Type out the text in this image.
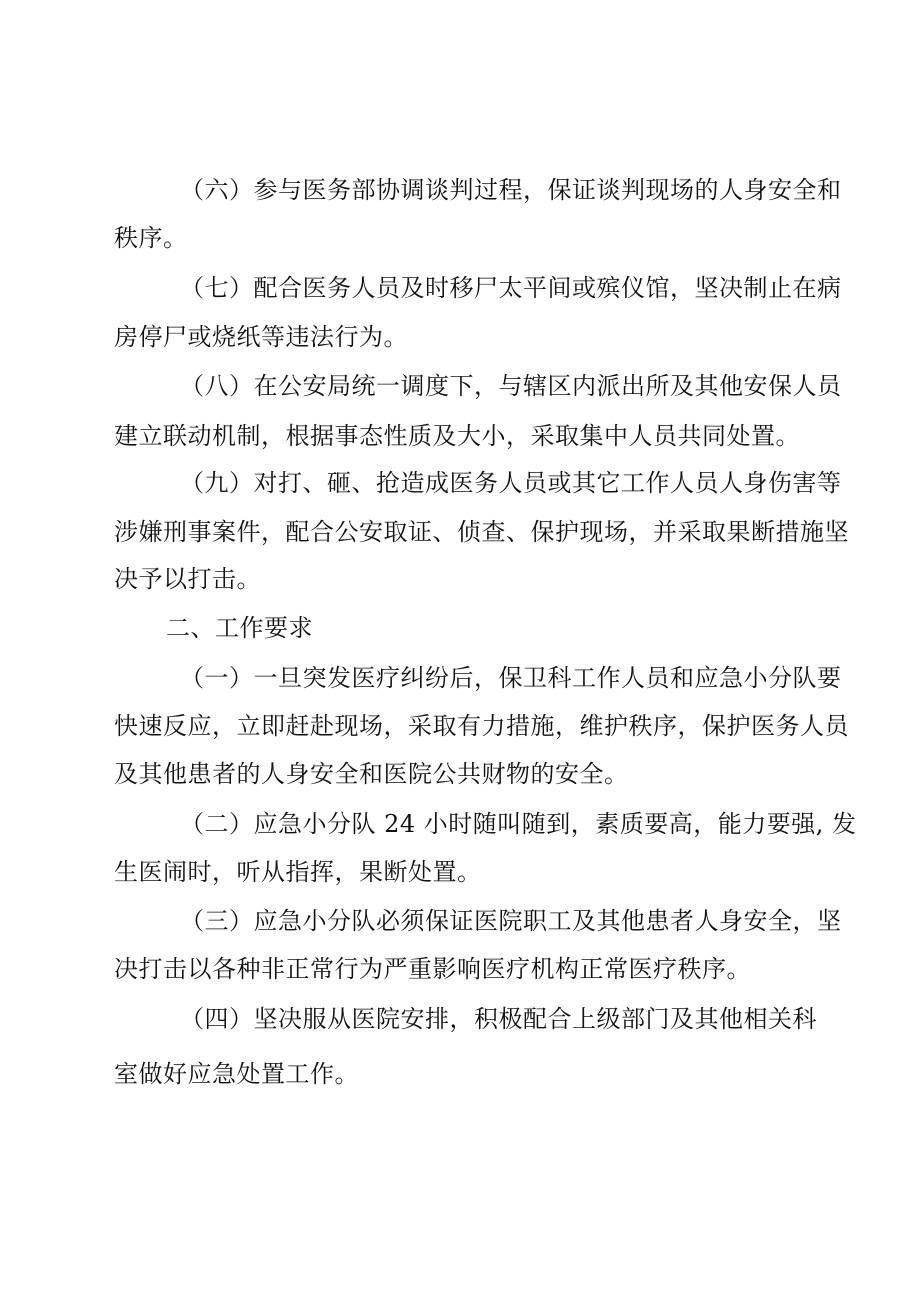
（六）参与医务部协调谈判过程，保证谈判现场的人身安全和
秩序。
（七）配合医务人员及时移尸太平间或殡仪馆，坚决制止在病
房停尸或烧纸等违法行为。
（八）在公安局统一调度下，与辖区内派出所及其他安保人员
建立联动机制，根据事态性质及大小，采取集中人员共同处置。
（九）对打、砸、抢造成医务人员或其它工作人员人身伤害等
涉嫌刑事案件，配合公安取证、侦查、保护现场，并采取果断措施坚
决予以打击。
二、工作要求
（一）一旦突发医疗纠纷后，保卫科工作人员和应急小分队要
快速反应，立即赶赴现场，采取有力措施，维护秩序，保护医务人员
及其他患者的人身安全和医院公共财物的安全。
（二）应急小分队 24 小时随叫随到，素质要高，能力要强, 发
生医闹时，听从指挥，果断处置。
（三）应急小分队必须保证医院职工及其他患者人身安全，坚
决打击以各种非正常行为严重影响医疗机构正常医疗秩序。
（四）坚决服从医院安排，积极配合上级部门及其他相关科
室做好应急处置工作。
